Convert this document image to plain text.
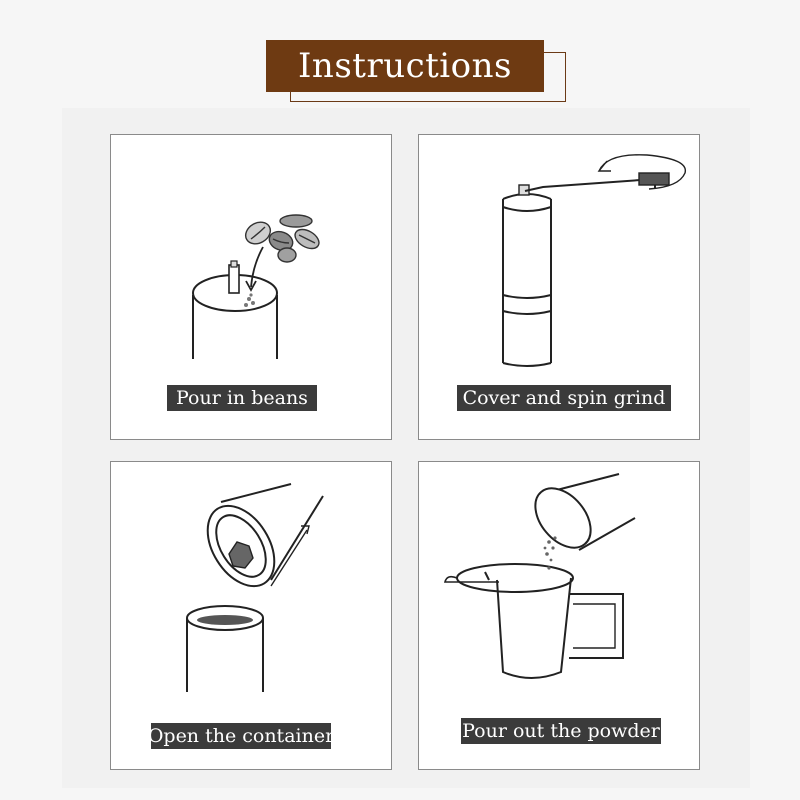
Instructions
Pour in beans	Cover and spin grind
Open the container	Pour out the powder
